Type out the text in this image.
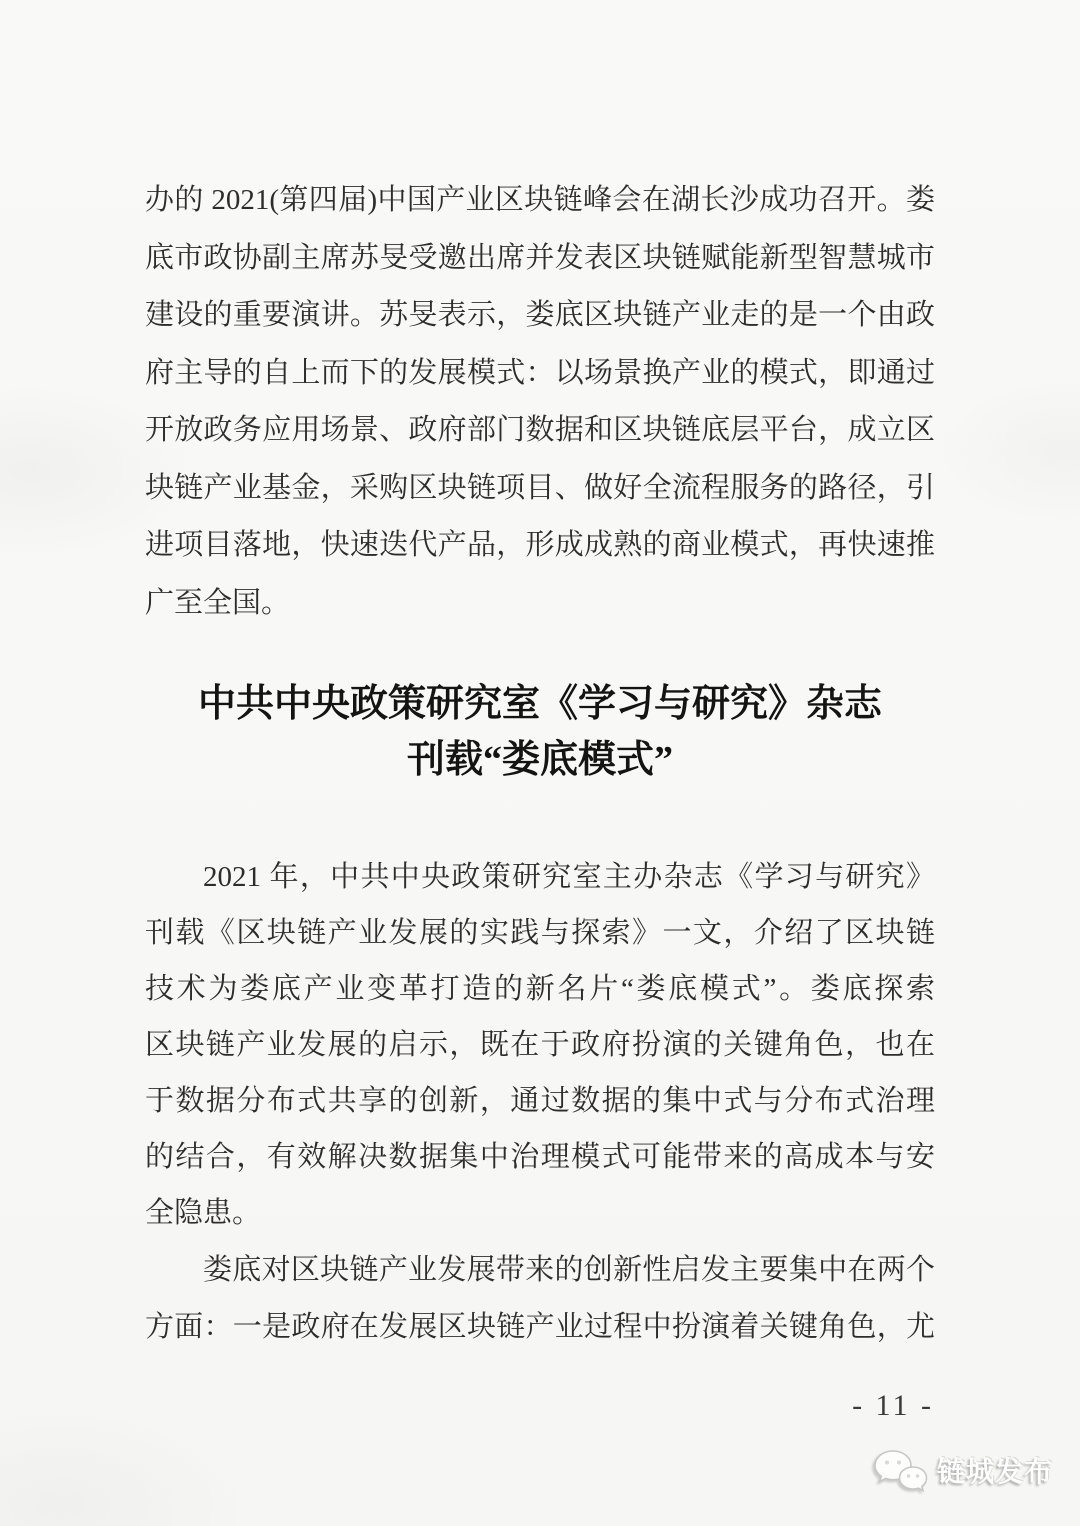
办的 2021(第四届)中国产业区块链峰会在湖长沙成功召开。娄
底市政协副主席苏旻受邀出席并发表区块链赋能新型智慧城市
建设的重要演讲。苏旻表示，娄底区块链产业走的是一个由政
府主导的自上而下的发展模式：以场景换产业的模式，即通过
开放政务应用场景、政府部门数据和区块链底层平台，成立区
块链产业基金，采购区块链项目、做好全流程服务的路径，引
进项目落地，快速迭代产品，形成成熟的商业模式，再快速推
广至全国。
中共中央政策研究室《学习与研究》杂志
刊载“娄底模式”
2021 年，中共中央政策研究室主办杂志《学习与研究》
刊载《区块链产业发展的实践与探索》一文，介绍了区块链
技术为娄底产业变革打造的新名片“娄底模式”。娄底探索
区块链产业发展的启示，既在于政府扮演的关键角色，也在
于数据分布式共享的创新，通过数据的集中式与分布式治理
的结合，有效解决数据集中治理模式可能带来的高成本与安
全隐患。
娄底对区块链产业发展带来的创新性启发主要集中在两个
方面：一是政府在发展区块链产业过程中扮演着关键角色，尤
- 11 -
链城发布
